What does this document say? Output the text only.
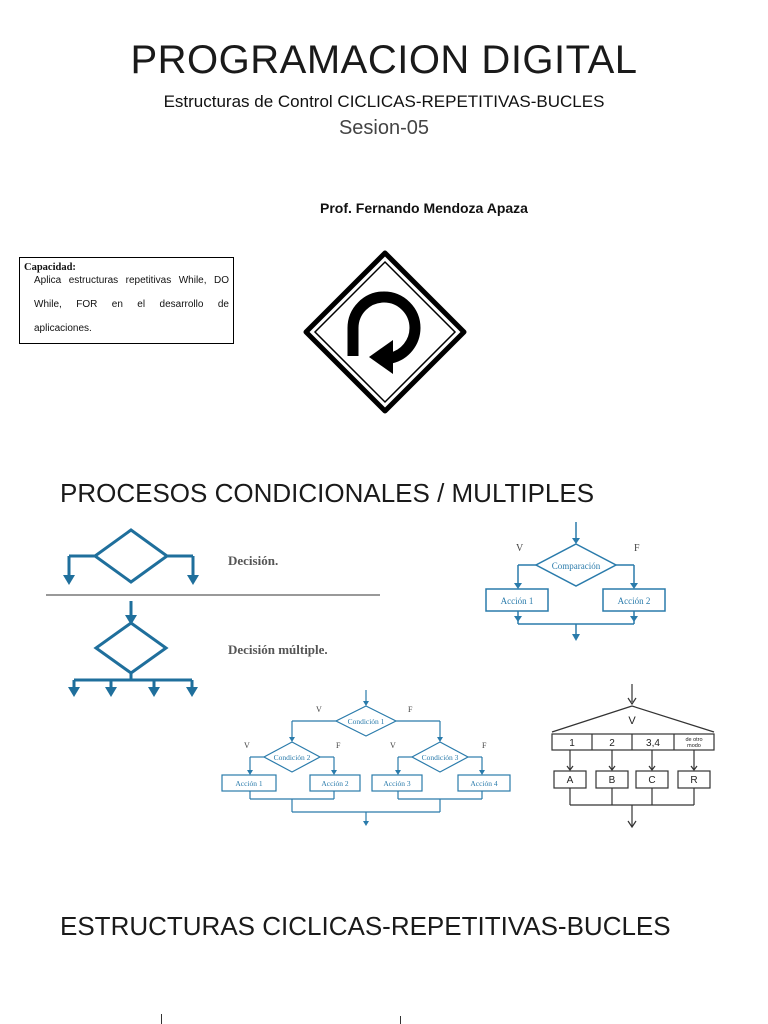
PROGRAMACION DIGITAL
Estructuras de Control CICLICAS-REPETITIVAS-BUCLES
Sesion-05
Prof. Fernando Mendoza Apaza
Capacidad:
Aplica estructuras repetitivas While, DO While, FOR en el desarrollo de aplicaciones.
PROCESOS CONDICIONALES / MULTIPLES
Decisión.
Decisión múltiple.
V	F
Comparación
Acción 1	Acción 2
V	F
V	F	V	F
Condición 1
Condición 2	Condición 3
Acción 1	Acción 2	Acción 3	Acción 4
V
1	2	3,4	de otro
modo
A	B	C	R
ESTRUCTURAS CICLICAS-REPETITIVAS-BUCLES
